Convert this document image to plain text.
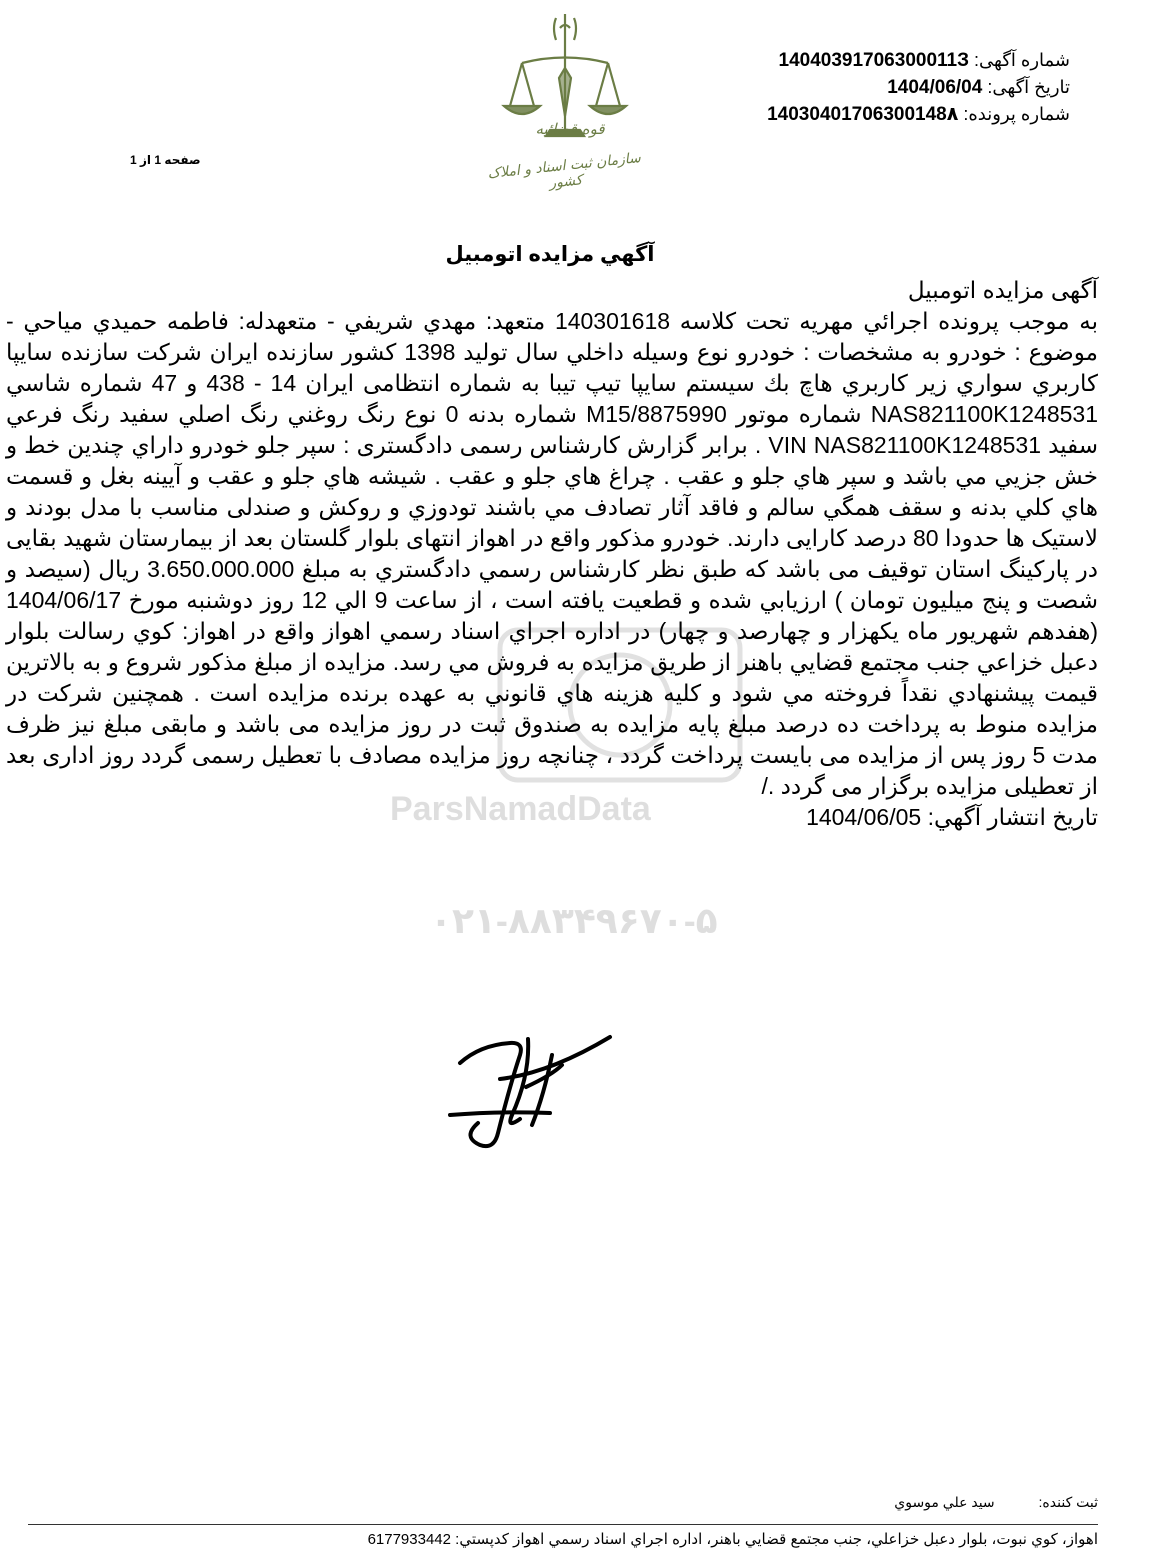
شماره آگهی: 14040391706300011З
تاريخ آگهی: 1404/06/04
شماره پرونده: 14030401706300148٨
صفحه 1 از 1
قوه قضائیه
سازمان ثبت اسناد و املاک کشور
آگهي مزايده اتومبيل
ParsNamadData
۰۲۱-۸۸۳۴۹۶۷۰-۵

آگهی مزايده اتومبيل

به موجب پرونده اجرائي مهريه تحت كلاسه 140301618 متعهد: مهدي شريفي - متعهدله: فاطمه حميدي مياحي - موضوع : خودرو به مشخصات : خودرو نوع وسيله داخلي سال توليد 1398 كشور سازنده ايران شركت سازنده سايپا كاربري سواري زير كاربري هاچ بك سيستم سايپا تيپ تيبا به شماره انتظامی ايران 14 - 438 و 47 شماره شاسي NAS821100K1248531 شماره موتور M15/8875990 شماره بدنه 0 نوع رنگ روغني رنگ اصلي سفيد رنگ فرعي سفيد VIN NAS821100K1248531 . برابر گزارش كارشناس رسمی دادگستری : سپر جلو خودرو داراي چندين خط و خش جزيي مي باشد و سپر هاي جلو و عقب . چراغ هاي جلو و عقب . شيشه هاي جلو و عقب و آيينه بغل و قسمت هاي كلي بدنه و سقف همگي سالم و فاقد آثار تصادف مي باشند تودوزي و روكش و صندلی مناسب با مدل بودند و لاستيک ها حدودا 80 درصد كارايی دارند. خودرو مذكور واقع در اهواز انتهای بلوار گلستان بعد از بيمارستان شهيد بقايی در پاركينگ استان توقيف می باشد كه طبق نظر كارشناس رسمي دادگستري به مبلغ 3.650.000.000 ريال (سيصد و شصت و پنج ميليون تومان ) ارزيابي شده و قطعيت يافته است ، از ساعت 9 الي 12 روز دوشنبه مورخ 1404/06/17 (هفدهم شهريور ماه يكهزار و چهارصد و چهار) در اداره اجراي اسناد رسمي اهواز واقع در اهواز: كوي رسالت بلوار دعبل خزاعي جنب مجتمع قضايي باهنر از طريق مزايده به فروش مي رسد. مزايده از مبلغ مذكور شروع و به بالاترين قيمت پيشنهادي نقداً فروخته مي شود و كليه هزينه هاي قانوني به عهده برنده مزايده است . همچنين شركت در مزايده منوط به پرداخت ده درصد مبلغ پايه مزايده به صندوق ثبت در روز مزايده می باشد و مابقی مبلغ نيز ظرف مدت 5 روز پس از مزايده می بايست پرداخت گردد ، چنانچه روز مزايده مصادف با تعطيل رسمی گردد روز اداری بعد از تعطيلی مزايده برگزار می گردد ./

تاريخ انتشار آگهي: 1404/06/05

ثبت كننده: سيد علي موسوي
اهواز، كوي نبوت، بلوار دعبل خزاعلي، جنب مجتمع قضايي باهنر، اداره اجراي اسناد رسمي اهواز كدپستي: 6177933442
